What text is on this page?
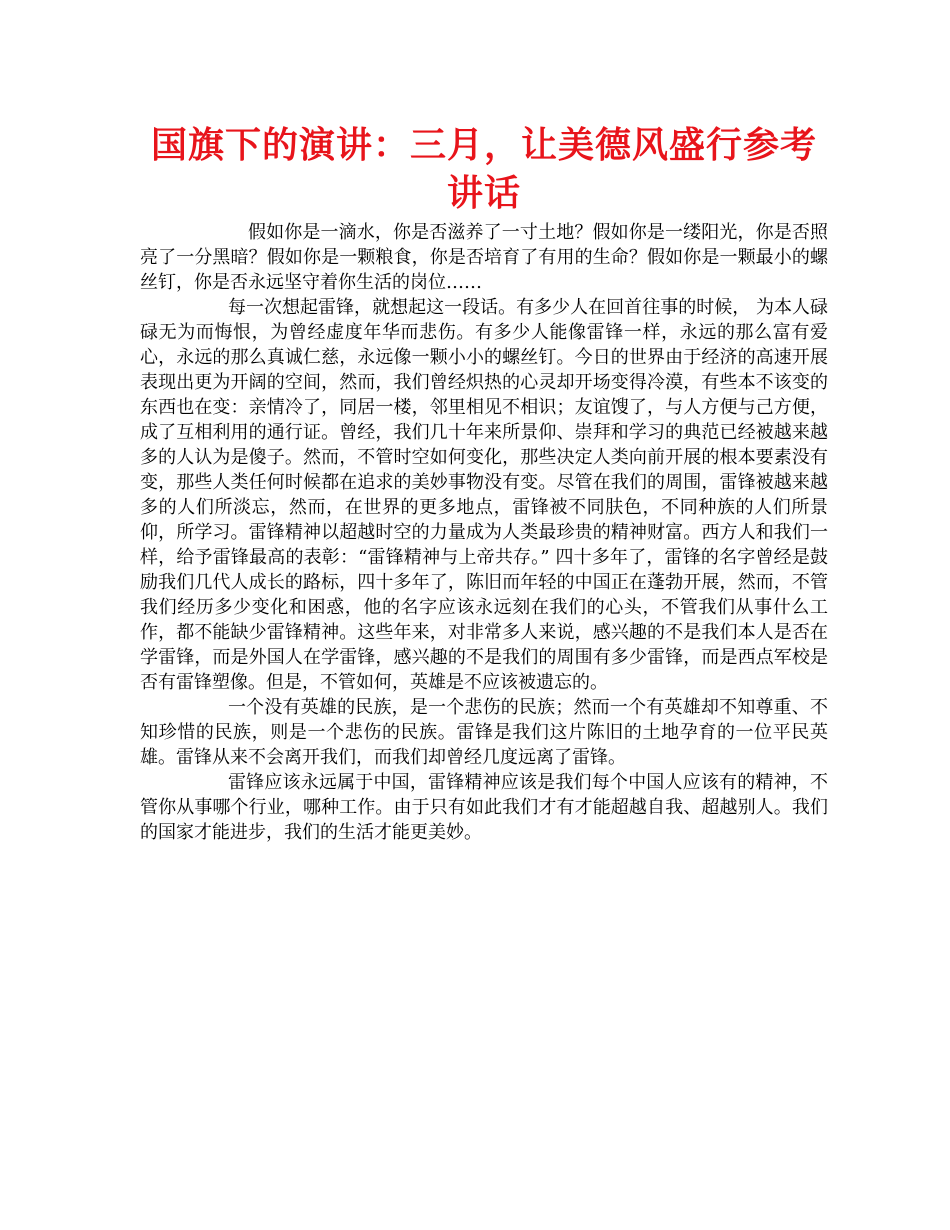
国旗下的演讲：三月，让美德风盛行参考讲话

假如你是一滴水，你是否滋养了一寸土地？假如你是一缕阳光，你是否照亮了一分黑暗？假如你是一颗粮食，你是否培育了有用的生命？假如你是一颗最小的螺丝钉，你是否永远坚守着你生活的岗位……

每一次想起雷锋，就想起这一段话。有多少人在回首往事的时候， 为本人碌碌无为而悔恨，为曾经虚度年华而悲伤。有多少人能像雷锋一样，永远的那么富有爱心，永远的那么真诚仁慈，永远像一颗小小的螺丝钉。今日的世界由于经济的高速开展表现出更为开阔的空间，然而，我们曾经炽热的心灵却开场变得冷漠，有些本不该变的东西也在变：亲情冷了，同居一楼，邻里相见不相识；友谊馊了，与人方便与己方便，成了互相利用的通行证。曾经，我们几十年来所景仰、崇拜和学习的典范已经被越来越多的人认为是傻子。然而，不管时空如何变化，那些决定人类向前开展的根本要素没有变，那些人类任何时候都在追求的美妙事物没有变。尽管在我们的周围，雷锋被越来越多的人们所淡忘，然而，在世界的更多地点，雷锋被不同肤色，不同种族的人们所景仰，所学习。雷锋精神以超越时空的力量成为人类最珍贵的精神财富。西方人和我们一样，给予雷锋最高的表彰：“雷锋精神与上帝共存。” 四十多年了，雷锋的名字曾经是鼓励我们几代人成长的路标，四十多年了，陈旧而年轻的中国正在蓬勃开展，然而，不管我们经历多少变化和困惑，他的名字应该永远刻在我们的心头，不管我们从事什么工作，都不能缺少雷锋精神。这些年来，对非常多人来说，感兴趣的不是我们本人是否在学雷锋，而是外国人在学雷锋，感兴趣的不是我们的周围有多少雷锋，而是西点军校是否有雷锋塑像。但是，不管如何，英雄是不应该被遗忘的。

一个没有英雄的民族，是一个悲伤的民族；然而一个有英雄却不知尊重、不知珍惜的民族，则是一个悲伤的民族。雷锋是我们这片陈旧的土地孕育的一位平民英雄。雷锋从来不会离开我们，而我们却曾经几度远离了雷锋。

雷锋应该永远属于中国，雷锋精神应该是我们每个中国人应该有的精神，不管你从事哪个行业，哪种工作。由于只有如此我们才有才能超越自我、超越别人。我们的国家才能进步，我们的生活才能更美妙。
